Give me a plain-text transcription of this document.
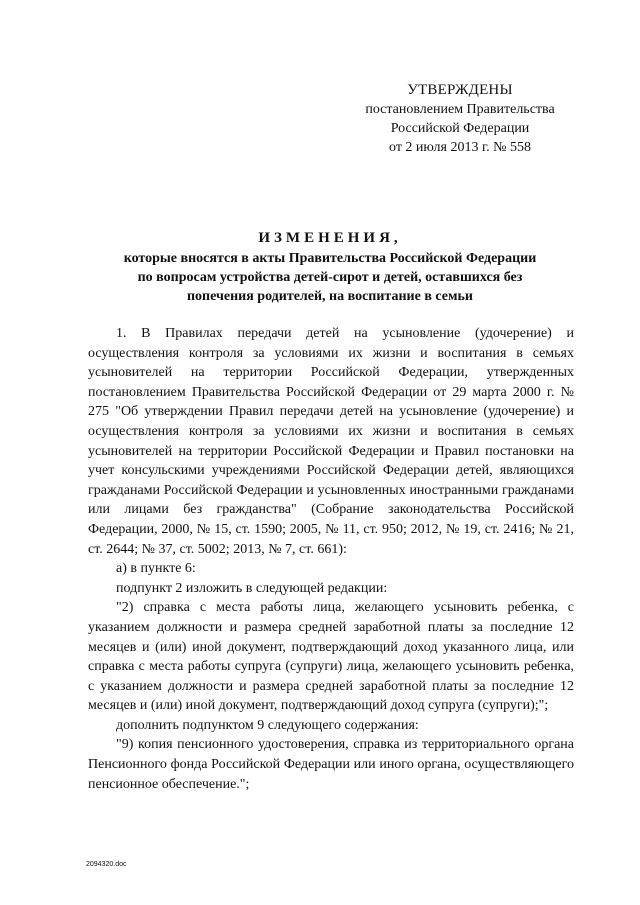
УТВЕРЖДЕНЫ
постановлением Правительства
Российской Федерации
от 2 июля 2013 г. № 558
ИЗМЕНЕНИЯ,
которые вносятся в акты Правительства Российской Федерации
по вопросам устройства детей-сирот и детей, оставшихся без
попечения родителей, на воспитание в семьи

1. В Правилах передачи детей на усыновление (удочерение) и осуществления контроля за условиями их жизни и воспитания в семьях усыновителей на территории Российской Федерации, утвержденных постановлением Правительства Российской Федерации от 29 марта 2000 г. № 275 "Об утверждении Правил передачи детей на усыновление (удочерение) и осуществления контроля за условиями их жизни и воспитания в семьях усыновителей на территории Российской Федерации и Правил постановки на учет консульскими учреждениями Российской Федерации детей, являющихся гражданами Российской Федерации и усыновленных иностранными гражданами или лицами без гражданства" (Собрание законодательства Российской Федерации, 2000, № 15, ст. 1590; 2005, № 11, ст. 950; 2012, № 19, ст. 2416; № 21, ст. 2644; № 37, ст. 5002; 2013, № 7, ст. 661):

а) в пункте 6:

подпункт 2 изложить в следующей редакции:

"2) справка с места работы лица, желающего усыновить ребенка, с указанием должности и размера средней заработной платы за последние 12 месяцев и (или) иной документ, подтверждающий доход указанного лица, или справка с места работы супруга (супруги) лица, желающего усыновить ребенка, с указанием должности и размера средней заработной платы за последние 12 месяцев и (или) иной документ, подтверждающий доход супруга (супруги);";

дополнить подпунктом 9 следующего содержания:

"9) копия пенсионного удостоверения, справка из территориального органа Пенсионного фонда Российской Федерации или иного органа, осуществляющего пенсионное обеспечение.";

2094320.doc
